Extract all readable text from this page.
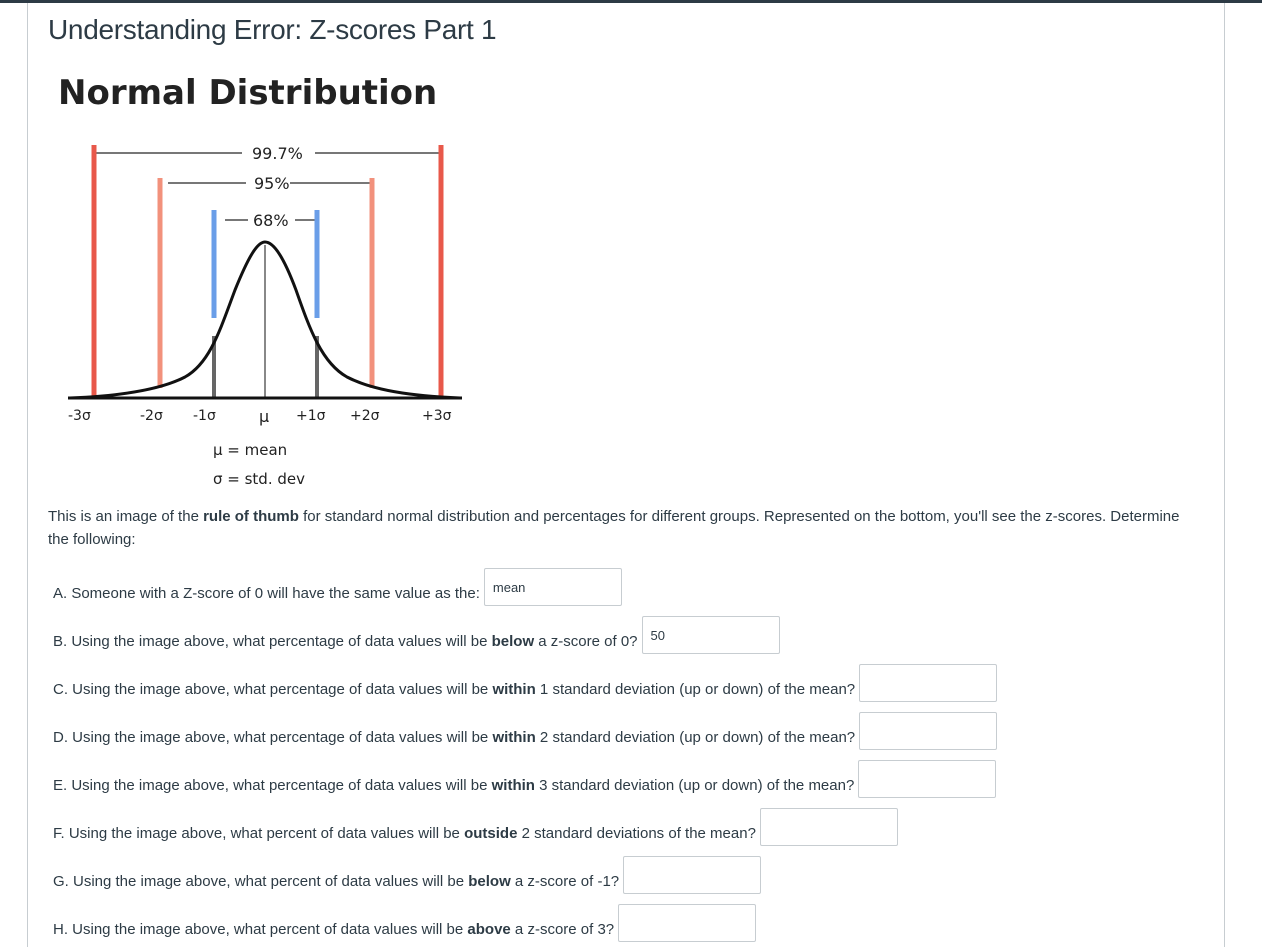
Understanding Error: Z-scores Part 1
Normal Distribution
99.7%
95%
68%
-3σ	-2σ -1σ	μ +1σ +2σ	+3σ
μ = mean
σ = std. dev

This is an image of the rule of thumb for standard normal distribution and percentages for different groups. Represented on the bottom, you'll see the z-scores. Determine the following:

A. Someone with a Z-score of 0 will have the same value as the:
mean
B. Using the image above, what percentage of data values will be below a z-score of 0?
50
C. Using the image above, what percentage of data values will be within 1 standard deviation (up or down) of the mean?
D. Using the image above, what percentage of data values will be within 2 standard deviation (up or down) of the mean?
E. Using the image above, what percentage of data values will be within 3 standard deviation (up or down) of the mean?
F. Using the image above, what percent of data values will be outside 2 standard deviations of the mean?
G. Using the image above, what percent of data values will be below a z-score of -1?
H. Using the image above, what percent of data values will be above a z-score of 3?
